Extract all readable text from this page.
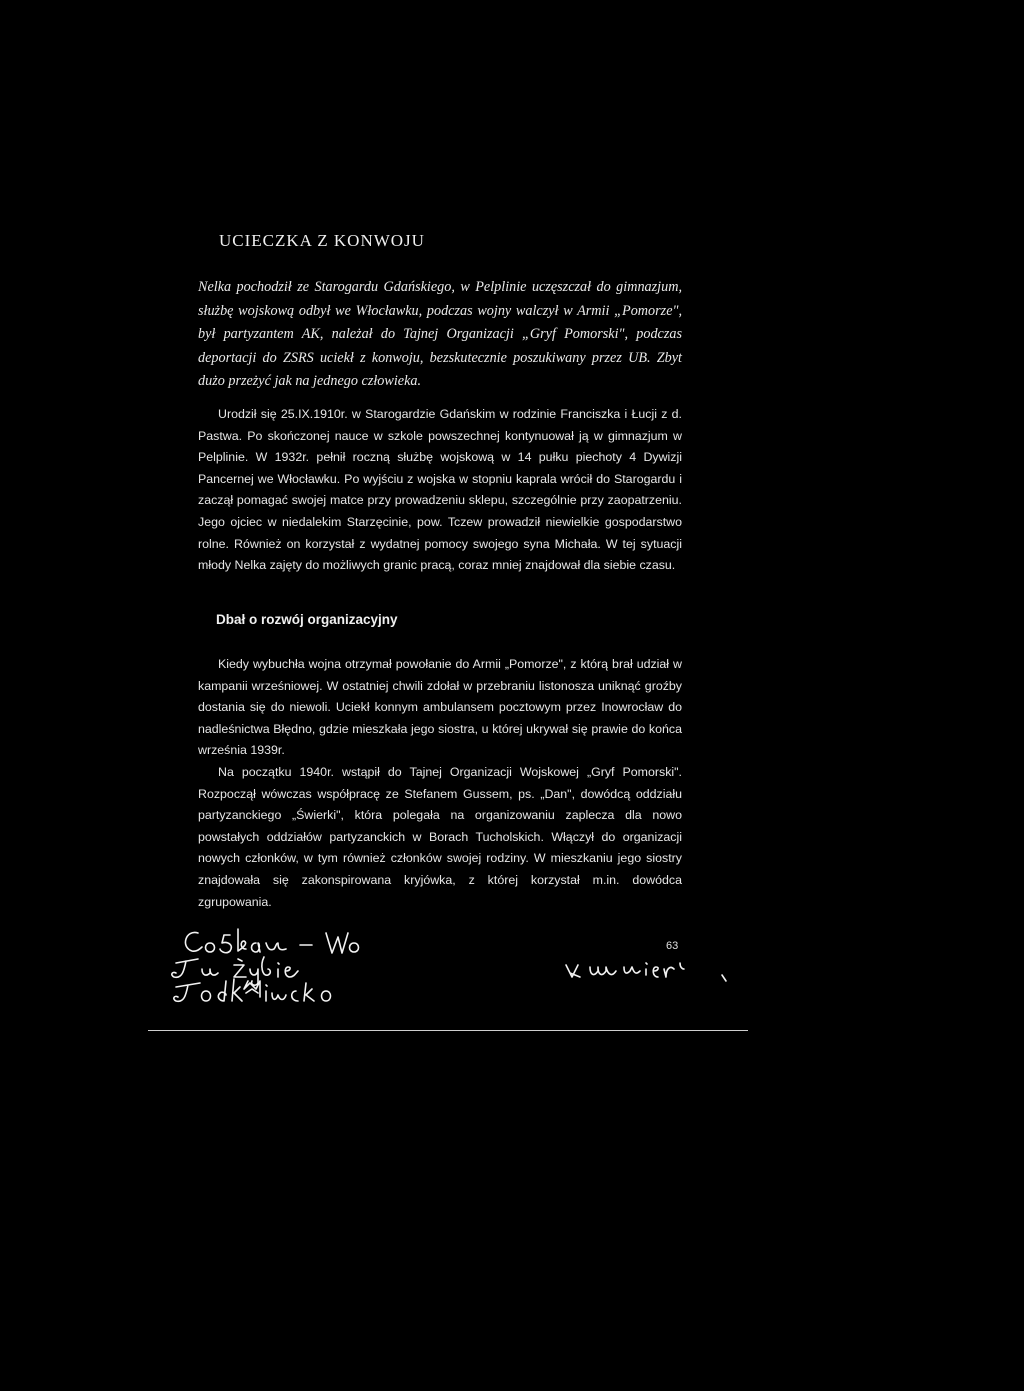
UCIECZKA Z KONWOJU
Nelka pochodził ze Starogardu Gdańskiego, w Pelplinie uczęszczał do gimnazjum, służbę wojskową odbył we Włocławku, podczas wojny walczył w Armii „Pomorze", był partyzantem AK, należał do Tajnej Organizacji „Gryf Pomorski", podczas deportacji do ZSRS uciekł z konwoju, bezskutecznie poszukiwany przez UB. Zbyt dużo przeżyć jak na jednego człowieka.

Urodził się 25.IX.1910r. w Starogardzie Gdańskim w rodzinie Franciszka i Łucji z d. Pastwa. Po skończonej nauce w szkole powszechnej kontynuował ją w gimnazjum w Pelplinie. W 1932r. pełnił roczną służbę wojskową w 14 pułku piechoty 4 Dywizji Pancernej we Włocławku. Po wyjściu z wojska w stopniu kaprala wrócił do Starogardu i zaczął pomagać swojej matce przy prowadzeniu sklepu, szczególnie przy zaopatrzeniu. Jego ojciec w niedalekim Starzęcinie, pow. Tczew prowadził niewielkie gospodarstwo rolne. Również on korzystał z wydatnej pomocy swojego syna Michała. W tej sytuacji młody Nelka zajęty do możliwych granic pracą, coraz mniej znajdował dla siebie czasu.

Dbał o rozwój organizacyjny

Kiedy wybuchła wojna otrzymał powołanie do Armii „Pomorze", z którą brał udział w kampanii wrześniowej. W ostatniej chwili zdołał w przebraniu listonosza uniknąć groźby dostania się do niewoli. Uciekł konnym ambulansem pocztowym przez Inowrocław do nadleśnictwa Błędno, gdzie mieszkała jego siostra, u której ukrywał się prawie do końca września 1939r.

Na początku 1940r. wstąpił do Tajnej Organizacji Wojskowej „Gryf Pomorski". Rozpoczął wówczas współpracę ze Stefanem Gussem, ps. „Dan", dowódcą oddziału partyzanckiego „Świerki", która polegała na organizowaniu zaplecza dla nowo powstałych oddziałów partyzanckich w Borach Tucholskich. Włączył do organizacji nowych członków, w tym również członków swojej rodziny. W mieszkaniu jego siostry znajdowała się zakonspirowana kryjówka, z której korzystał m.in. dowódca zgrupowania.

63
